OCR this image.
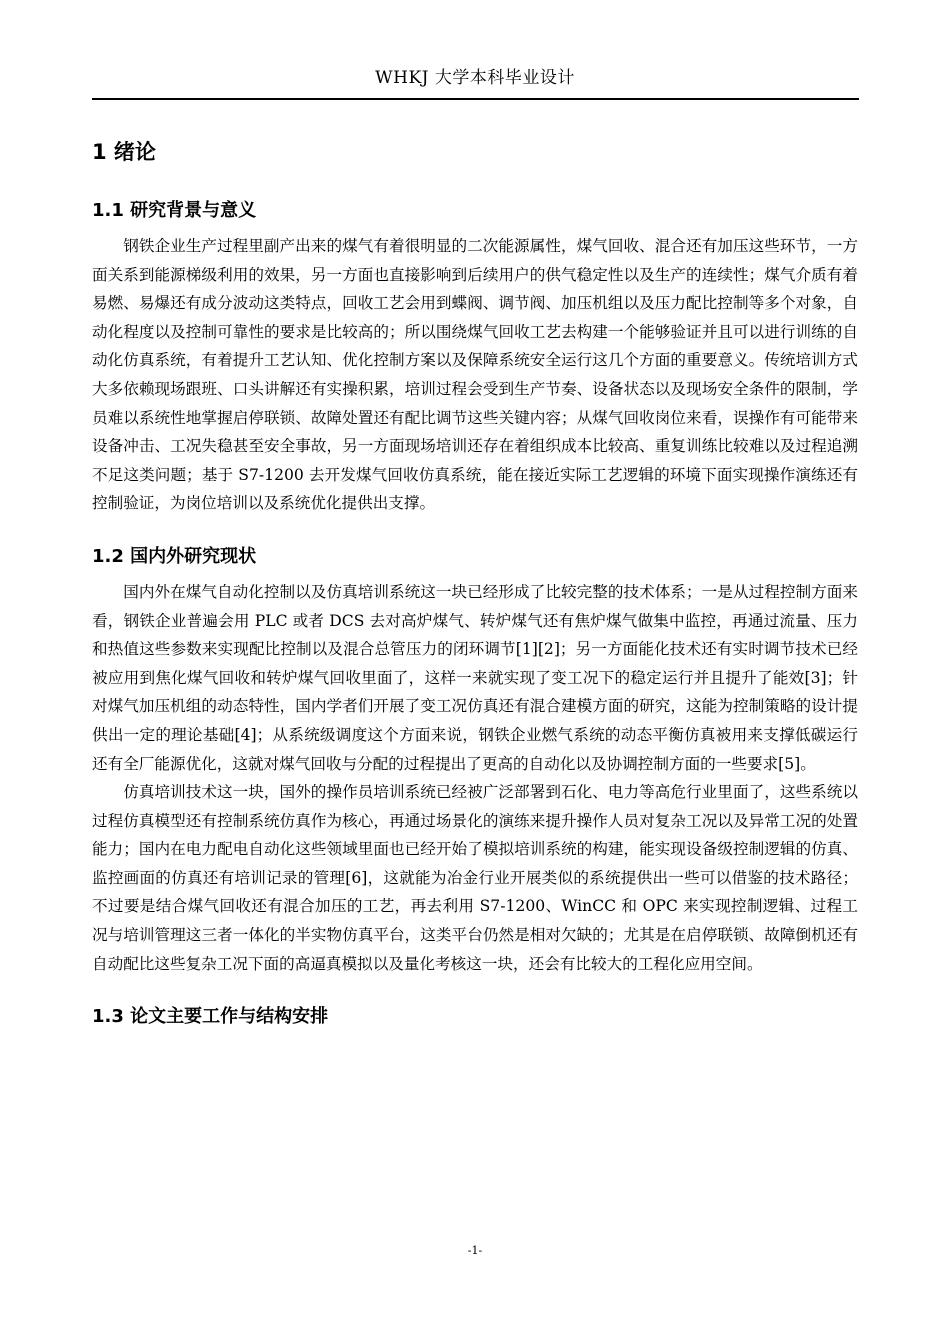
WHKJ 大学本科毕业设计
1 绪论
1.1 研究背景与意义

钢铁企业生产过程里副产出来的煤气有着很明显的二次能源属性，煤气回收、混合还有加压这些环节，一方面关系到能源梯级利用的效果，另一方面也直接影响到后续用户的供气稳定性以及生产的连续性；煤气介质有着易燃、易爆还有成分波动这类特点，回收工艺会用到蝶阀、调节阀、加压机组以及压力配比控制等多个对象，自动化程度以及控制可靠性的要求是比较高的；所以围绕煤气回收工艺去构建一个能够验证并且可以进行训练的自动化仿真系统，有着提升工艺认知、优化控制方案以及保障系统安全运行这几个方面的重要意义。传统培训方式大多依赖现场跟班、口头讲解还有实操积累，培训过程会受到生产节奏、设备状态以及现场安全条件的限制，学员难以系统性地掌握启停联锁、故障处置还有配比调节这些关键内容；从煤气回收岗位来看，误操作有可能带来设备冲击、工况失稳甚至安全事故，另一方面现场培训还存在着组织成本比较高、重复训练比较难以及过程追溯不足这类问题；基于 S7-1200 去开发煤气回收仿真系统，能在接近实际工艺逻辑的环境下面实现操作演练还有控制验证，为岗位培训以及系统优化提供出支撑。

1.2 国内外研究现状

国内外在煤气自动化控制以及仿真培训系统这一块已经形成了比较完整的技术体系；一是从过程控制方面来看，钢铁企业普遍会用 PLC 或者 DCS 去对高炉煤气、转炉煤气还有焦炉煤气做集中监控，再通过流量、压力和热值这些参数来实现配比控制以及混合总管压力的闭环调节[1][2]；另一方面能化技术还有实时调节技术已经被应用到焦化煤气回收和转炉煤气回收里面了，这样一来就实现了变工况下的稳定运行并且提升了能效[3]；针对煤气加压机组的动态特性，国内学者们开展了变工况仿真还有混合建模方面的研究，这能为控制策略的设计提供出一定的理论基础[4]；从系统级调度这个方面来说，钢铁企业燃气系统的动态平衡仿真被用来支撑低碳运行还有全厂能源优化，这就对煤气回收与分配的过程提出了更高的自动化以及协调控制方面的一些要求[5]。

仿真培训技术这一块，国外的操作员培训系统已经被广泛部署到石化、电力等高危行业里面了，这些系统以过程仿真模型还有控制系统仿真作为核心，再通过场景化的演练来提升操作人员对复杂工况以及异常工况的处置能力；国内在电力配电自动化这些领域里面也已经开始了模拟培训系统的构建，能实现设备级控制逻辑的仿真、监控画面的仿真还有培训记录的管理[6]，这就能为冶金行业开展类似的系统提供出一些可以借鉴的技术路径；不过要是结合煤气回收还有混合加压的工艺，再去利用 S7-1200、WinCC 和 OPC 来实现控制逻辑、过程工况与培训管理这三者一体化的半实物仿真平台，这类平台仍然是相对欠缺的；尤其是在启停联锁、故障倒机还有自动配比这些复杂工况下面的高逼真模拟以及量化考核这一块，还会有比较大的工程化应用空间。

1.3 论文主要工作与结构安排
-1-
